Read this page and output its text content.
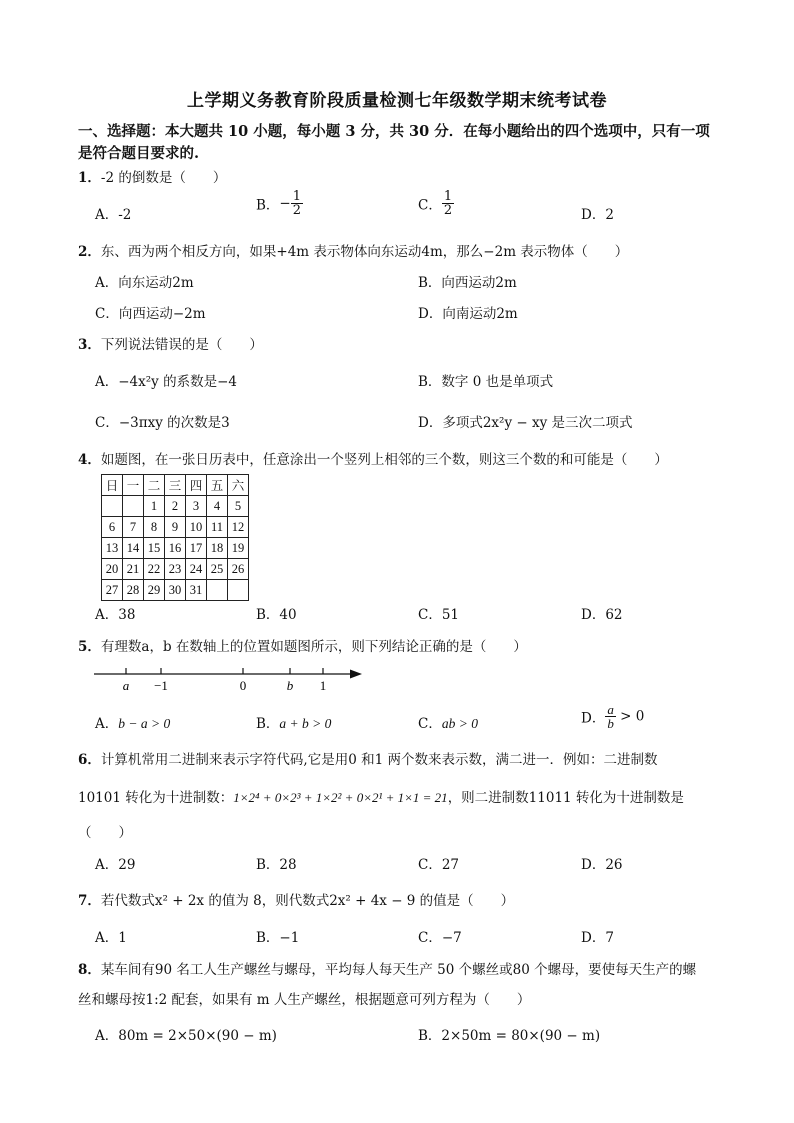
上学期义务教育阶段质量检测七年级数学期末统考试卷
一、选择题：本大题共 10 小题，每小题 3 分，共 30 分．在每小题给出的四个选项中，只有一项
是符合题目要求的.
1．-2 的倒数是（　　）
A．-2
B．− $\frac{1}{2}$	C． $\frac{1}{2}$	D．2
2．东、西为两个相反方向，如果+4m 表示物体向东运动4m，那么−2m 表示物体（　　）
A．向东运动2m	B．向西运动2m
C．向西运动−2m	D．向南运动2m
3．下列说法错误的是（　　）
A．−4x²y 的系数是−4	B．数字 0 也是单项式
C．−3πxy 的次数是3	D．多项式2x²y − xy 是三次二项式
4．如题图，在一张日历表中，任意涂出一个竖列上相邻的三个数，则这三个数的和可能是（　　）
日	一	二	三	四	五	六
		1	2	3	4	5
6	7	8	9	10	11	12
13	14	15	16	17	18	19
20	21	22	23	24	25	26
27	28	29	30	31		
A．38	B．40	C．51	D．62
5．有理数a，b 在数轴上的位置如题图所示，则下列结论正确的是（　　）
a −1	0	b 1
A．b − a > 0	B．a + b > 0	C．ab > 0	D． $\frac{a}{b} > 0$
6．计算机常用二进制来表示字符代码,它是用0 和1 两个数来表示数，满二进一．例如：二进制数
10101 转化为十进制数：1×2⁴ + 0×2³ + 1×2² + 0×2¹ + 1×1 = 21，则二进制数11011 转化为十进制数是
（　　）
A．29	B．28	C．27	D．26
7．若代数式x² + 2x 的值为 8，则代数式2x² + 4x − 9 的值是（　　）
A．1	B．−1	C．−7	D．7
8．某车间有90 名工人生产螺丝与螺母，平均每人每天生产 50 个螺丝或80 个螺母，要使每天生产的螺
丝和螺母按1:2 配套，如果有 m 人生产螺丝，根据题意可列方程为（　　）
A．80m = 2×50×(90 − m)	B．2×50m = 80×(90 − m)
